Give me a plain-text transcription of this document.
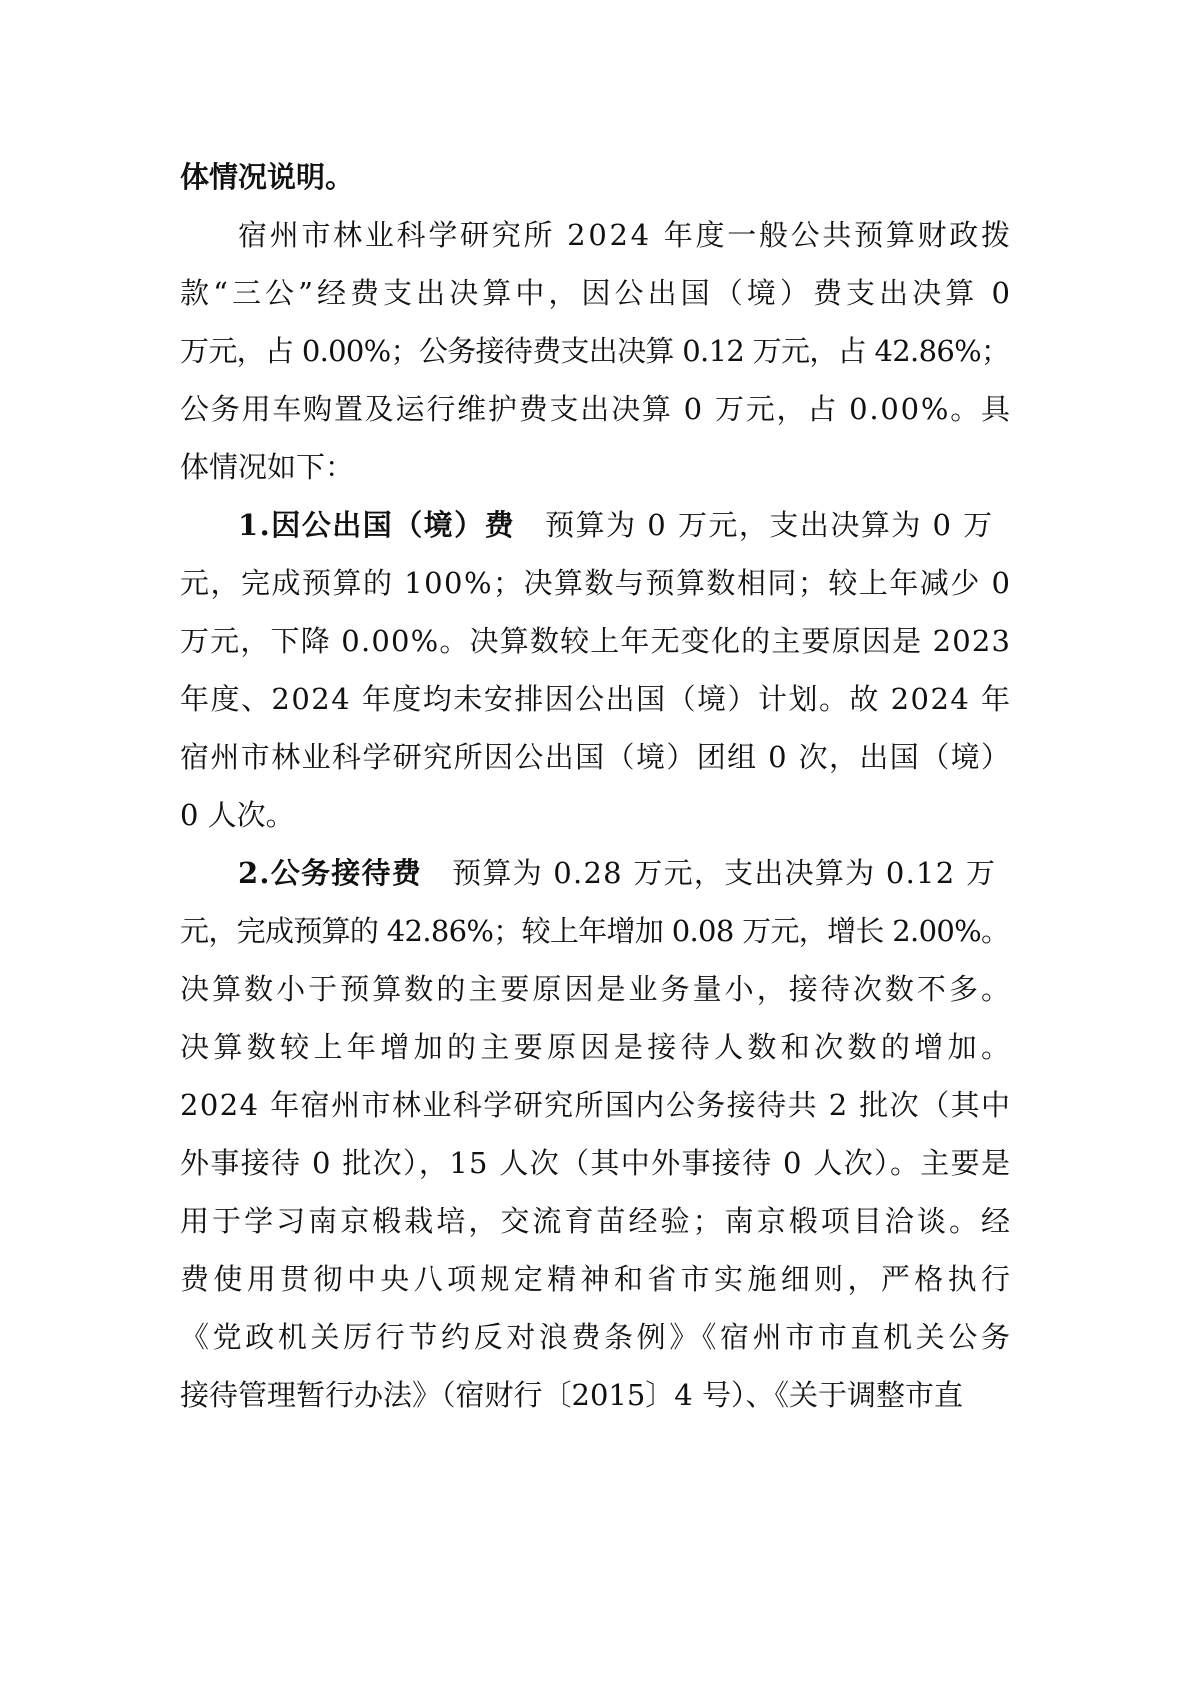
体情况说明。
宿州市林业科学研究所 2024 年度一般公共预算财政拨
款“三公”经费支出决算中，因公出国（境）费支出决算 0
万元，占 0.00%；公务接待费支出决算 0.12 万元，占 42.86%；
公务用车购置及运行维护费支出决算 0 万元，占 0.00%。具
体情况如下：
1.因公出国（境）费 预算为 0 万元，支出决算为 0 万
元，完成预算的 100%；决算数与预算数相同；较上年减少 0
万元，下降 0.00%。决算数较上年无变化的主要原因是 2023
年度、2024 年度均未安排因公出国（境）计划。故 2024 年
宿州市林业科学研究所因公出国（境）团组 0 次，出国（境）
0 人次。
2.公务接待费 预算为 0.28 万元，支出决算为 0.12 万
元，完成预算的 42.86%；较上年增加 0.08 万元，增长 2.00%。
决算数小于预算数的主要原因是业务量小，接待次数不多。
决算数较上年增加的主要原因是接待人数和次数的增加。
2024 年宿州市林业科学研究所国内公务接待共 2 批次（其中
外事接待 0 批次），15 人次（其中外事接待 0 人次）。主要是
用于学习南京椴栽培，交流育苗经验；南京椴项目洽谈。经
费使用贯彻中央八项规定精神和省市实施细则，严格执行
《党政机关厉行节约反对浪费条例》《宿州市市直机关公务
接待管理暂行办法》（宿财行〔2015〕4 号）、《关于调整市直
